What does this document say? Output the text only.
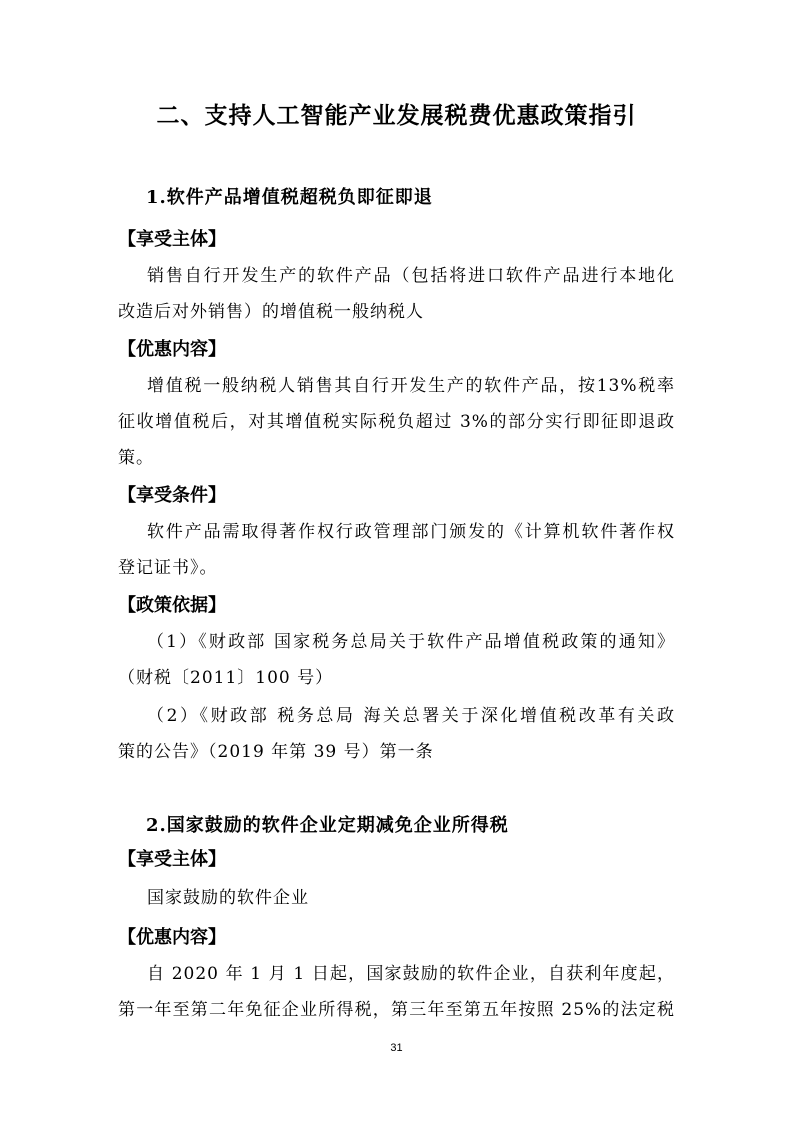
二、支持人工智能产业发展税费优惠政策指引
1.软件产品增值税超税负即征即退
【享受主体】
销售自行开发生产的软件产品（包括将进口软件产品进行本地化
改造后对外销售）的增值税一般纳税人
【优惠内容】
增值税一般纳税人销售其自行开发生产的软件产品，按13%税率
征收增值税后，对其增值税实际税负超过 3%的部分实行即征即退政
策。
【享受条件】
软件产品需取得著作权行政管理部门颁发的《计算机软件著作权
登记证书》。
【政策依据】
（1）《财政部 国家税务总局关于软件产品增值税政策的通知》
（财税〔2011〕100 号）
（2）《财政部 税务总局 海关总署关于深化增值税改革有关政
策的公告》（2019 年第 39 号）第一条
2.国家鼓励的软件企业定期减免企业所得税
【享受主体】
国家鼓励的软件企业
【优惠内容】
自 2020 年 1 月 1 日起，国家鼓励的软件企业，自获利年度起，
第一年至第二年免征企业所得税，第三年至第五年按照 25%的法定税
31
